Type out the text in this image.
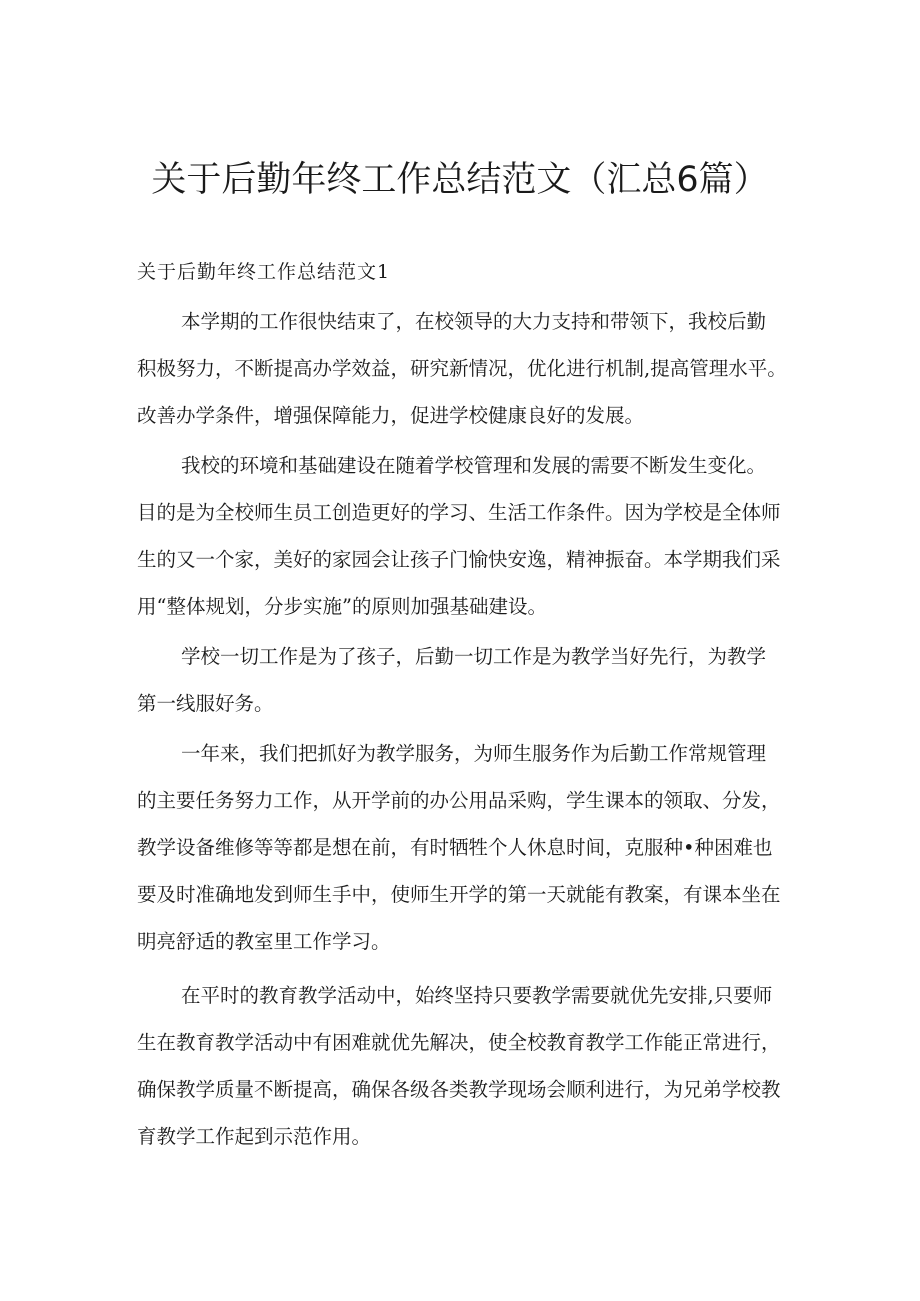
关于后勤年终工作总结范文（汇总6篇）

关于后勤年终工作总结范文1

本学期的工作很快结束了，在校领导的大力支持和带领下，我校后勤

积极努力，不断提高办学效益，研究新情况，优化进行机制,提高管理水平。

改善办学条件，增强保障能力，促进学校健康良好的发展。

我校的环境和基础建设在随着学校管理和发展的需要不断发生变化。

目的是为全校师生员工创造更好的学习、生活工作条件。因为学校是全体师

生的又一个家，美好的家园会让孩子门愉快安逸，精神振奋。本学期我们采

用“整体规划，分步实施”的原则加强基础建设。

学校一切工作是为了孩子，后勤一切工作是为教学当好先行，为教学

第一线服好务。

一年来，我们把抓好为教学服务，为师生服务作为后勤工作常规管理

的主要任务努力工作，从开学前的办公用品采购，学生课本的领取、分发，

教学设备维修等等都是想在前，有时牺牲个人休息时间，克服种•种困难也

要及时准确地发到师生手中，使师生开学的第一天就能有教案，有课本坐在

明亮舒适的教室里工作学习。

在平时的教育教学活动中，始终坚持只要教学需要就优先安排,只要师

生在教育教学活动中有困难就优先解决，使全校教育教学工作能正常进行，

确保教学质量不断提高，确保各级各类教学现场会顺利进行，为兄弟学校教

育教学工作起到示范作用。
